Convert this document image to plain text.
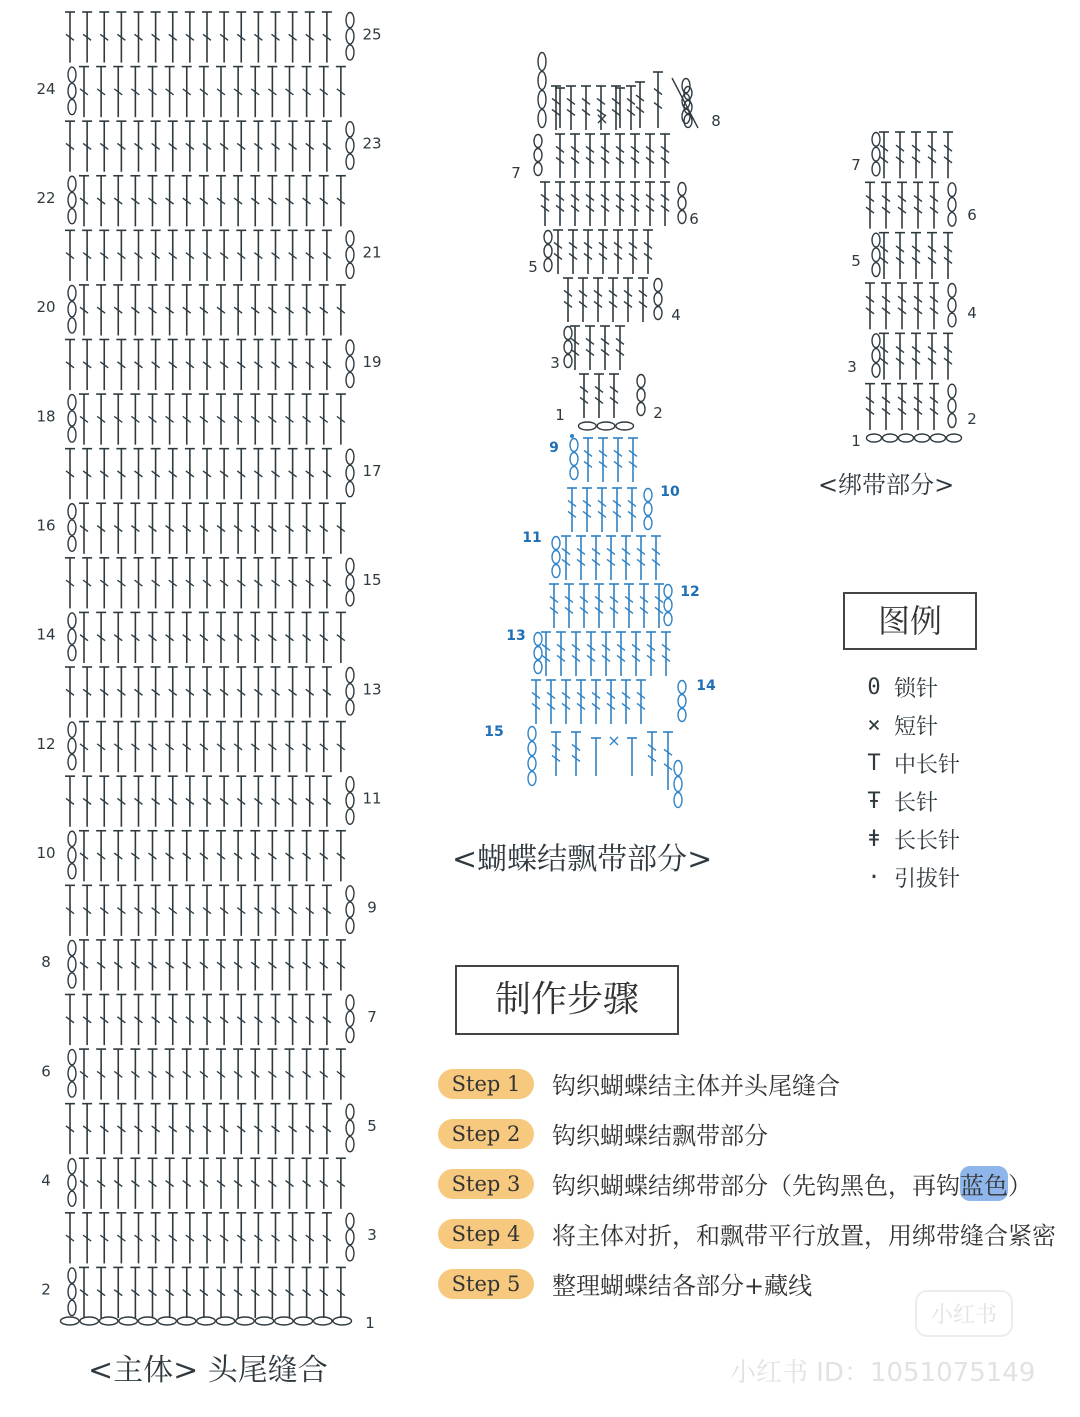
1
2
3
4
5
6
7
8
9
10
11
12
13
14
15
16
17
18
19
20
21
22
23
24
25
×
1	2
3
4
5
6
7
8
×
9
10
11
12
13
14
15
1
2
3
4
5
6
7
<主体> 头尾缝合
<蝴蝶结飘带部分>
<绑带部分>
图例
0 锁针
× 短针
T 中长针
Ŧ 长针
ǂ 长长针
· 引拔针
制作步骤
Step 1	钩织蝴蝶结主体并头尾缝合
Step 2	钩织蝴蝶结飘带部分
Step 3	钩织蝴蝶结绑带部分（先钩黑色，再钩 蓝色 ）
Step 4	将主体对折，和飘带平行放置，用绑带缝合紧密
Step 5	整理蝴蝶结各部分+藏线
小红书
小红书 ID：1051075149
